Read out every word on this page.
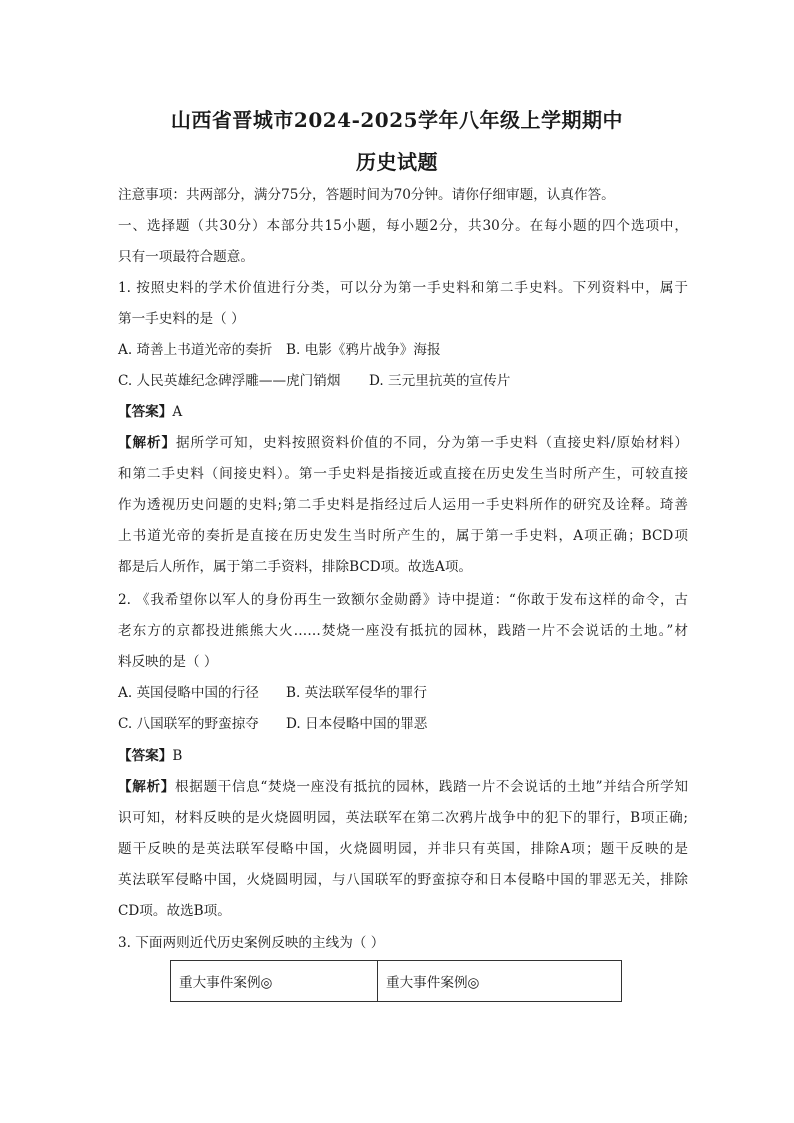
山西省晋城市2024-2025学年八年级上学期期中
历史试题
注意事项：共两部分，满分75分，答题时间为70分钟。请你仔细审题，认真作答。
一、选择题（共30分）本部分共15小题，每小题2分，共30分。在每小题的四个选项中，
只有一项最符合题意。
1. 按照史料的学术价值进行分类，可以分为第一手史料和第二手史料。下列资料中，属于
第一手史料的是（ ）
A. 琦善上书道光帝的奏折 B. 电影《鸦片战争》海报
C. 人民英雄纪念碑浮雕——虎门销烟 D. 三元里抗英的宣传片
【答案】A
【解析】据所学可知，史料按照资料价值的不同，分为第一手史料（直接史料/原始材料）
和第二手史料（间接史料）。第一手史料是指接近或直接在历史发生当时所产生，可较直接
作为透视历史问题的史料;第二手史料是指经过后人运用一手史料所作的研究及诠释。琦善
上书道光帝的奏折是直接在历史发生当时所产生的，属于第一手史料，A项正确；BCD项
都是后人所作，属于第二手资料，排除BCD项。故选A项。
2. 《我希望你以军人的身份再生一致额尔金勋爵》诗中提道：“你敢于发布这样的命令，古
老东方的京都投进熊熊大火……焚烧一座没有抵抗的园林，践踏一片不会说话的土地。”材
料反映的是（ ）
A. 英国侵略中国的行径 B. 英法联军侵华的罪行
C. 八国联军的野蛮掠夺 D. 日本侵略中国的罪恶
【答案】B
【解析】根据题干信息“焚烧一座没有抵抗的园林，践踏一片不会说话的土地”并结合所学知
识可知，材料反映的是火烧圆明园，英法联军在第二次鸦片战争中的犯下的罪行，B项正确;
题干反映的是英法联军侵略中国，火烧圆明园，并非只有英国，排除A项；题干反映的是
英法联军侵略中国，火烧圆明园，与八国联军的野蛮掠夺和日本侵略中国的罪恶无关，排除
CD项。故选B项。
3. 下面两则近代历史案例反映的主线为（ ）
重大事件案例◎	重大事件案例◎
